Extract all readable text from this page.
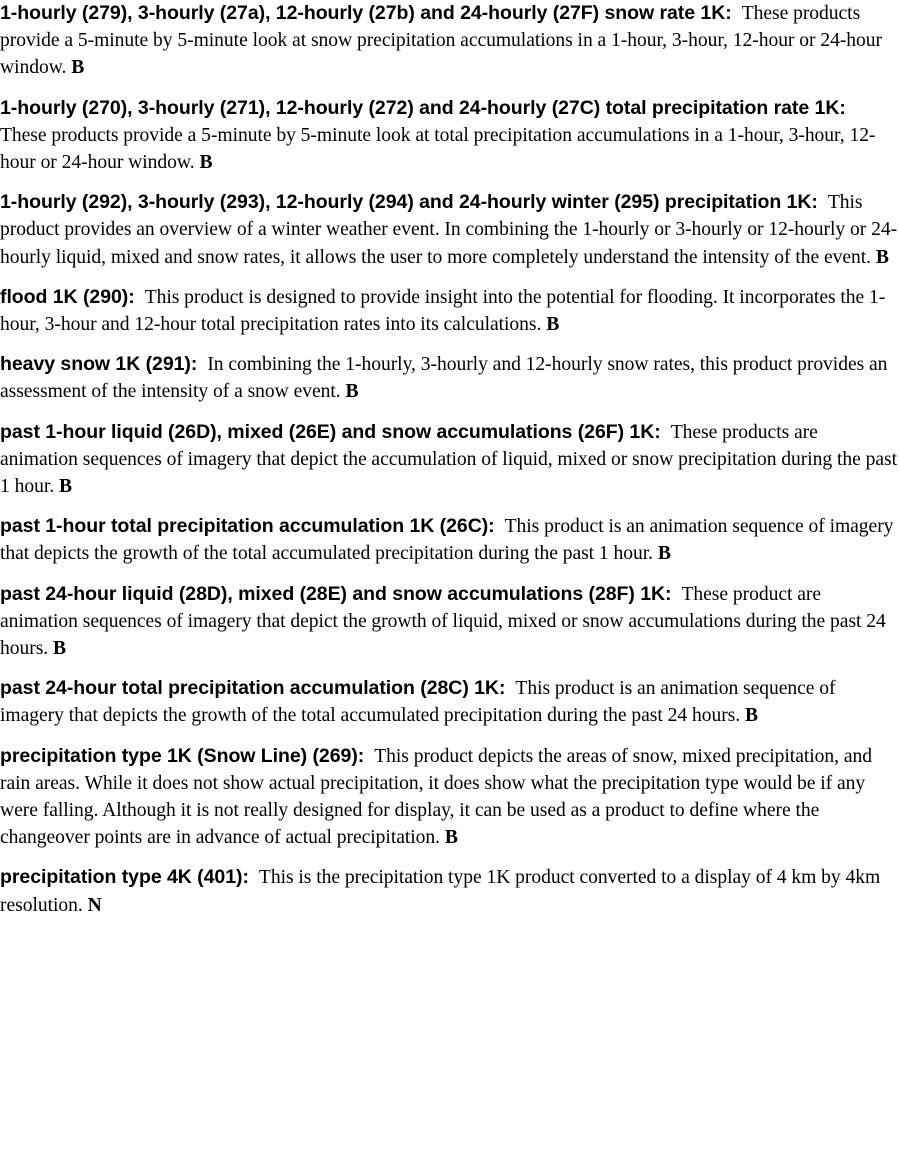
1-hourly (279), 3-hourly (27a), 12-hourly (27b) and 24-hourly (27F) snow rate 1K: These products provide a 5-minute by 5-minute look at snow precipitation accumulations in a 1-hour, 3-hour, 12-hour or 24-hour window. B

1-hourly (270), 3-hourly (271), 12-hourly (272) and 24-hourly (27C) total precipitation rate 1K:These products provide a 5-minute by 5-minute look at total precipitation accumulations in a 1-hour, 3-hour, 12-hour or 24-hour window. B

1-hourly (292), 3-hourly (293), 12-hourly (294) and 24-hourly winter (295) precipitation 1K: This product provides an overview of a winter weather event. In combining the 1-hourly or 3-hourly or 12-hourly or 24-hourly liquid, mixed and snow rates, it allows the user to more completely understand the intensity of the event. B

flood 1K (290): This product is designed to provide insight into the potential for flooding. It incorporates the 1-hour, 3-hour and 12-hour total precipitation rates into its calculations. B

heavy snow 1K (291): In combining the 1-hourly, 3-hourly and 12-hourly snow rates, this product provides an assessment of the intensity of a snow event. B

past 1-hour liquid (26D), mixed (26E) and snow accumulations (26F) 1K: These products are animation sequences of imagery that depict the accumulation of liquid, mixed or snow precipitation during the past 1 hour. B

past 1-hour total precipitation accumulation 1K (26C): This product is an animation sequence of imagery that depicts the growth of the total accumulated precipitation during the past 1 hour. B

past 24-hour liquid (28D), mixed (28E) and snow accumulations (28F) 1K: These product are animation sequences of imagery that depict the growth of liquid, mixed or snow accumulations during the past 24 hours. B

past 24-hour total precipitation accumulation (28C) 1K: This product is an animation sequence of imagery that depicts the growth of the total accumulated precipitation during the past 24 hours. B

precipitation type 1K (Snow Line) (269): This product depicts the areas of snow, mixed precipitation, and rain areas. While it does not show actual precipitation, it does show what the precipitation type would be if any were falling. Although it is not really designed for display, it can be used as a product to define where the changeover points are in advance of actual precipitation. B

precipitation type 4K (401): This is the precipitation type 1K product converted to a display of 4 km by 4km resolution. N
